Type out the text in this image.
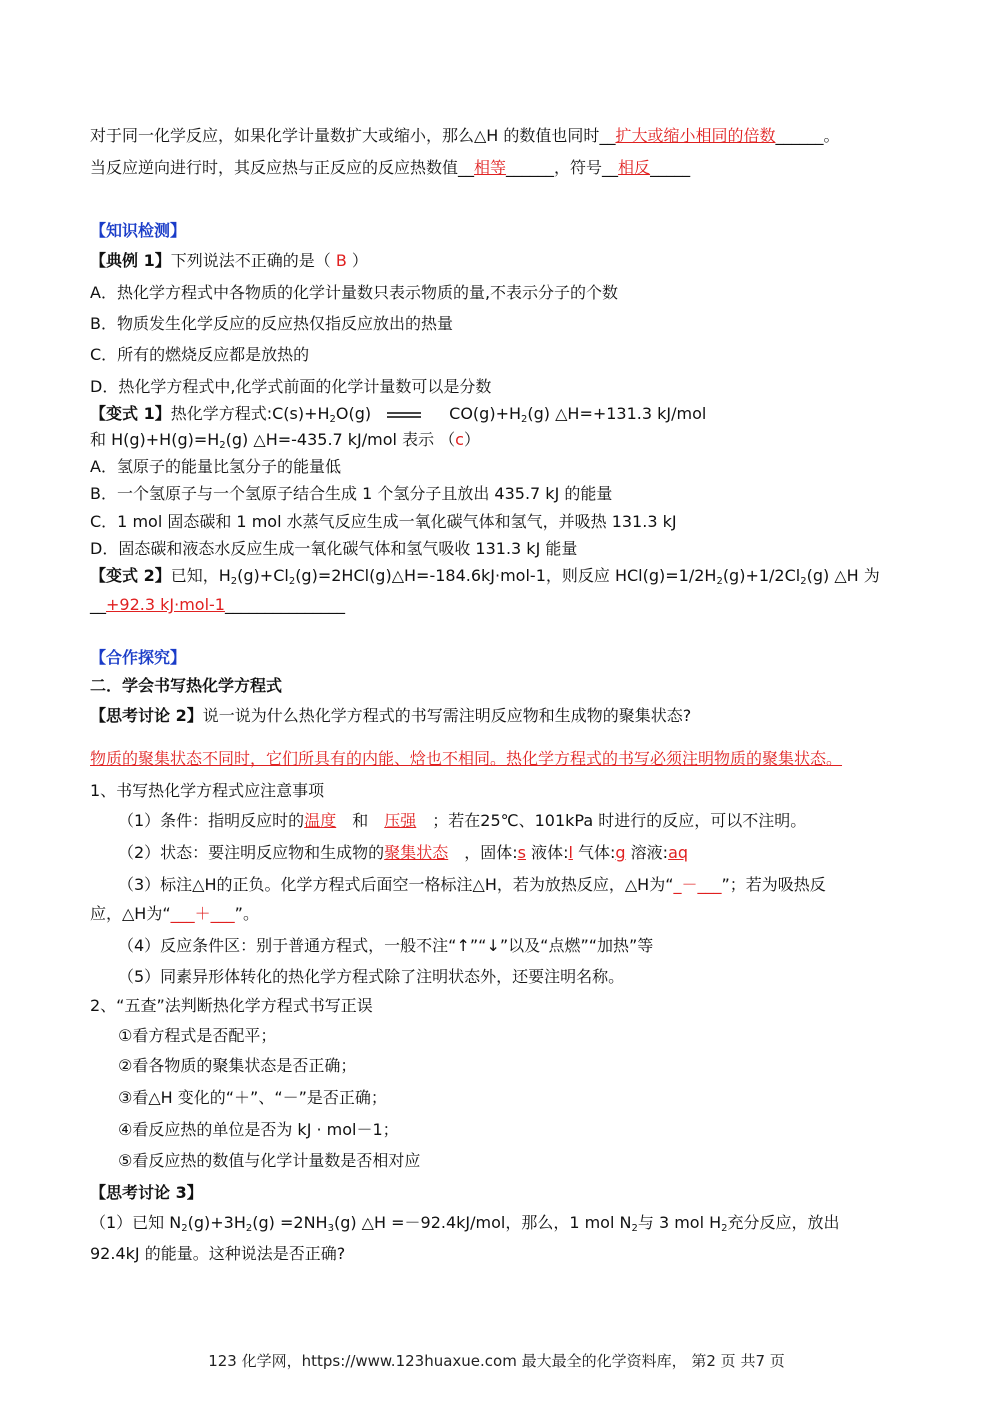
对于同一化学反应，如果化学计量数扩大或缩小，那么△H 的数值也同时__扩大或缩小相同的倍数______。
当反应逆向进行时，其反应热与正反应的反应热数值__相等______，符号__相反_____
【知识检测】
【典例 1】下列说法不正确的是（ B ）
A．热化学方程式中各物质的化学计量数只表示物质的量,不表示分子的个数
B．物质发生化学反应的反应热仅指反应放出的热量
C．所有的燃烧反应都是放热的
D．热化学方程式中,化学式前面的化学计量数可以是分数
【变式 1】热化学方程式$:C(s)+H_2O(g)$	$CO(g)+H_2(g)$ △H=+131.3 kJ/mol
和 $H(g)+H(g)=H_2(g)$ △H=-435.7 kJ/mol 表示 （c）
A．氢原子的能量比氢分子的能量低
B．一个氢原子与一个氢原子结合生成 1 个氢分子且放出 435.7 kJ 的能量
C．1 mol 固态碳和 1 mol 水蒸气反应生成一氧化碳气体和氢气，并吸热 131.3 kJ
D．固态碳和液态水反应生成一氧化碳气体和氢气吸收 131.3 kJ 能量
【变式 2】已知，$H_2(g)+Cl_2(g)=2HCl(g)\triangle H=-184.6kJ\cdot mol-1$，则反应 $HCl(g)=1/2H_2(g)+1/2Cl_2(g)$ △H 为
__+92.3 kJ·mol-1_______________
【合作探究】
二．学会书写热化学方程式
【思考讨论 2】说一说为什么热化学方程式的书写需注明反应物和生成物的聚集状态?
物质的聚集状态不同时，它们所具有的内能、焓也不相同。热化学方程式的书写必须注明物质的聚集状态。
1、书写热化学方程式应注意事项
（1）条件：指明反应时的温度　 和　 压强　 ；若在25℃、101kPa 时进行的反应，可以不注明。
（2）状态：要注明反应物和生成物的聚集状态　 ，固体:s 液体:l 气体:g 溶液:aq
（3）标注△H的正负。化学方程式后面空一格标注△H，若为放热反应，△H为“_－___”；若为吸热反
应，△H为“___＋___”。
（4）反应条件区：别于普通方程式，一般不注“↑”“↓”以及“点燃”“加热”等
（5）同素异形体转化的热化学方程式除了注明状态外，还要注明名称。
2、“五查”法判断热化学方程式书写正误
①看方程式是否配平；
②看各物质的聚集状态是否正确；
③看△H 变化的“＋”、“－”是否正确；
④看反应热的单位是否为 kJ · mol－1；
⑤看反应热的数值与化学计量数是否相对应
【思考讨论 3】
（1）已知 $N_2(g)+3H_2(g) =2NH_3(g)$ △H =－92.4kJ/mol，那么，1 mol $N_2$与 3 mol $H_2$充分反应，放出
92.4kJ 的能量。这种说法是否正确?
123 化学网，https://www.123huaxue.com 最大最全的化学资料库， 第2 页 共7 页
